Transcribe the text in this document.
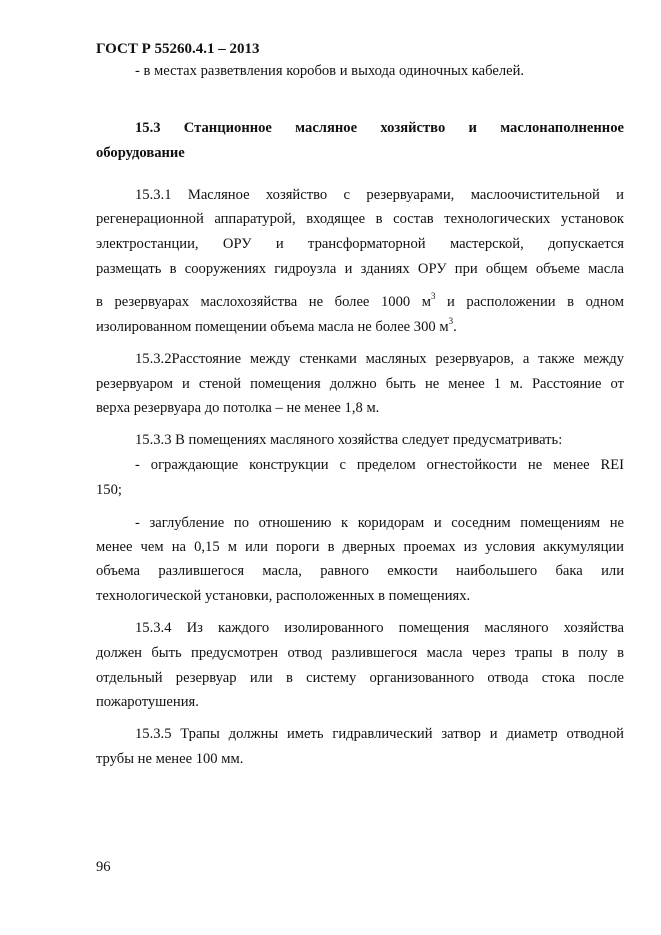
ГОСТ Р 55260.4.1 – 2013
- в местах разветвления коробов и выхода одиночных кабелей.
15.3 Станционное масляное хозяйство и маслонаполненное
оборудование
15.3.1 Масляное хозяйство с резервуарами, маслоочистительной и
регенерационной аппаратурой, входящее в состав технологических установок
электростанции, ОРУ и трансформаторной мастерской, допускается
размещать в сооружениях гидроузла и зданиях ОРУ при общем объеме масла
в резервуарах маслохозяйства не более 1000 $м^3$ и расположении в одном
изолированном помещении объема масла не более 300 $м^3$.
15.3.2Расстояние между стенками масляных резервуаров, а также между
резервуаром и стеной помещения должно быть не менее 1 м. Расстояние от
верха резервуара до потолка – не менее 1,8 м.
15.3.3 В помещениях масляного хозяйства следует предусматривать:
- ограждающие конструкции с пределом огнестойкости не менее REI
150;
- заглубление по отношению к коридорам и соседним помещениям не
менее чем на 0,15 м или пороги в дверных проемах из условия аккумуляции
объема разлившегося масла, равного емкости наибольшего бака или
технологической установки, расположенных в помещениях.
15.3.4 Из каждого изолированного помещения масляного хозяйства
должен быть предусмотрен отвод разлившегося масла через трапы в полу в
отдельный резервуар или в систему организованного отвода стока после
пожаротушения.
15.3.5 Трапы должны иметь гидравлический затвор и диаметр отводной
трубы не менее 100 мм.
96
